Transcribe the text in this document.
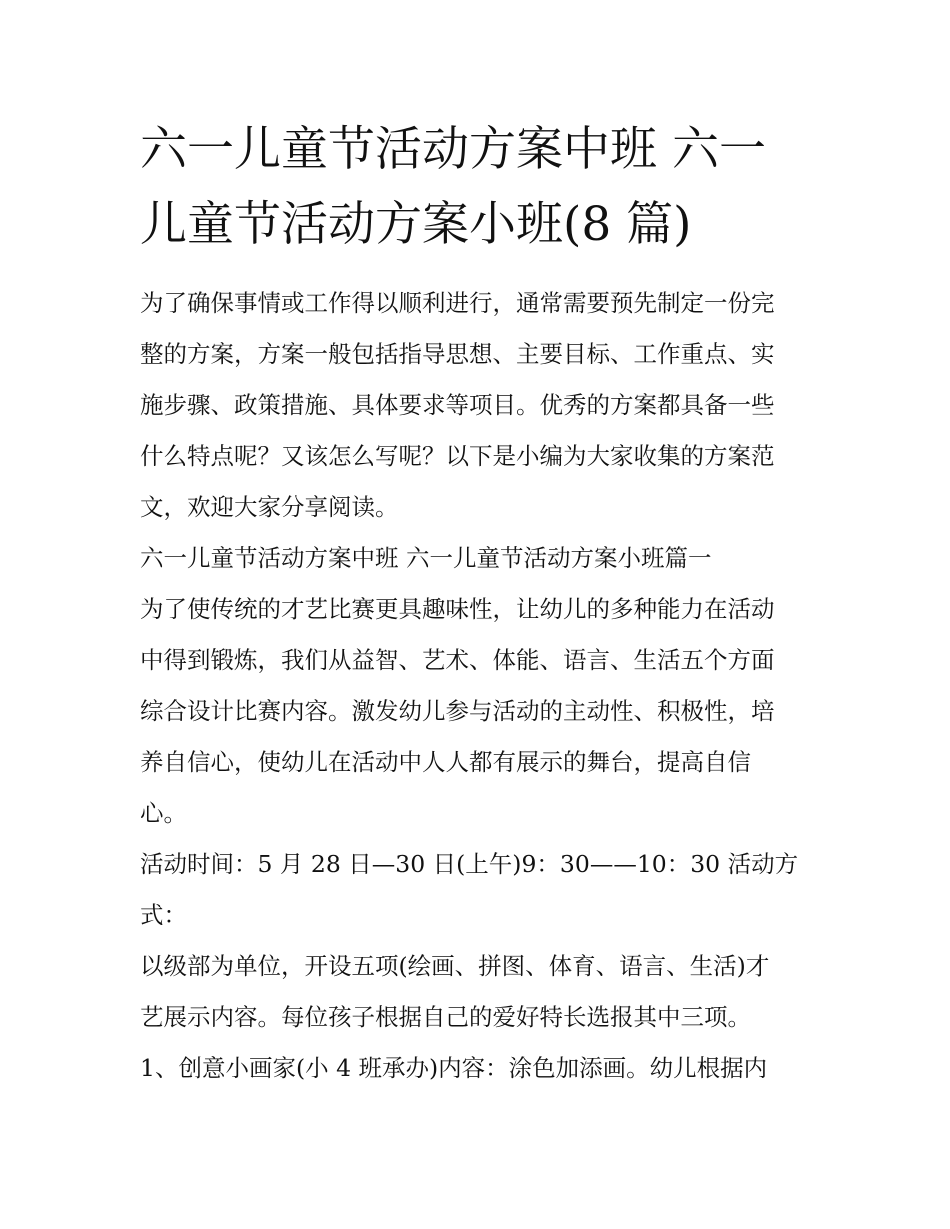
六一儿童节活动方案中班 六一
儿童节活动方案小班(8 篇)
为了确保事情或工作得以顺利进行，通常需要预先制定一份完
整的方案，方案一般包括指导思想、主要目标、工作重点、实
施步骤、政策措施、具体要求等项目。优秀的方案都具备一些
什么特点呢？又该怎么写呢？以下是小编为大家收集的方案范
文，欢迎大家分享阅读。
六一儿童节活动方案中班 六一儿童节活动方案小班篇一
为了使传统的才艺比赛更具趣味性，让幼儿的多种能力在活动
中得到锻炼，我们从益智、艺术、体能、语言、生活五个方面
综合设计比赛内容。激发幼儿参与活动的主动性、积极性，培
养自信心，使幼儿在活动中人人都有展示的舞台，提高自信
心。
活动时间：5 月 28 日—30 日(上午)9：30——10：30 活动方
式：
以级部为单位，开设五项(绘画、拼图、体育、语言、生活)才
艺展示内容。每位孩子根据自己的爱好特长选报其中三项。
1、创意小画家(小 4 班承办)内容：涂色加添画。幼儿根据内
